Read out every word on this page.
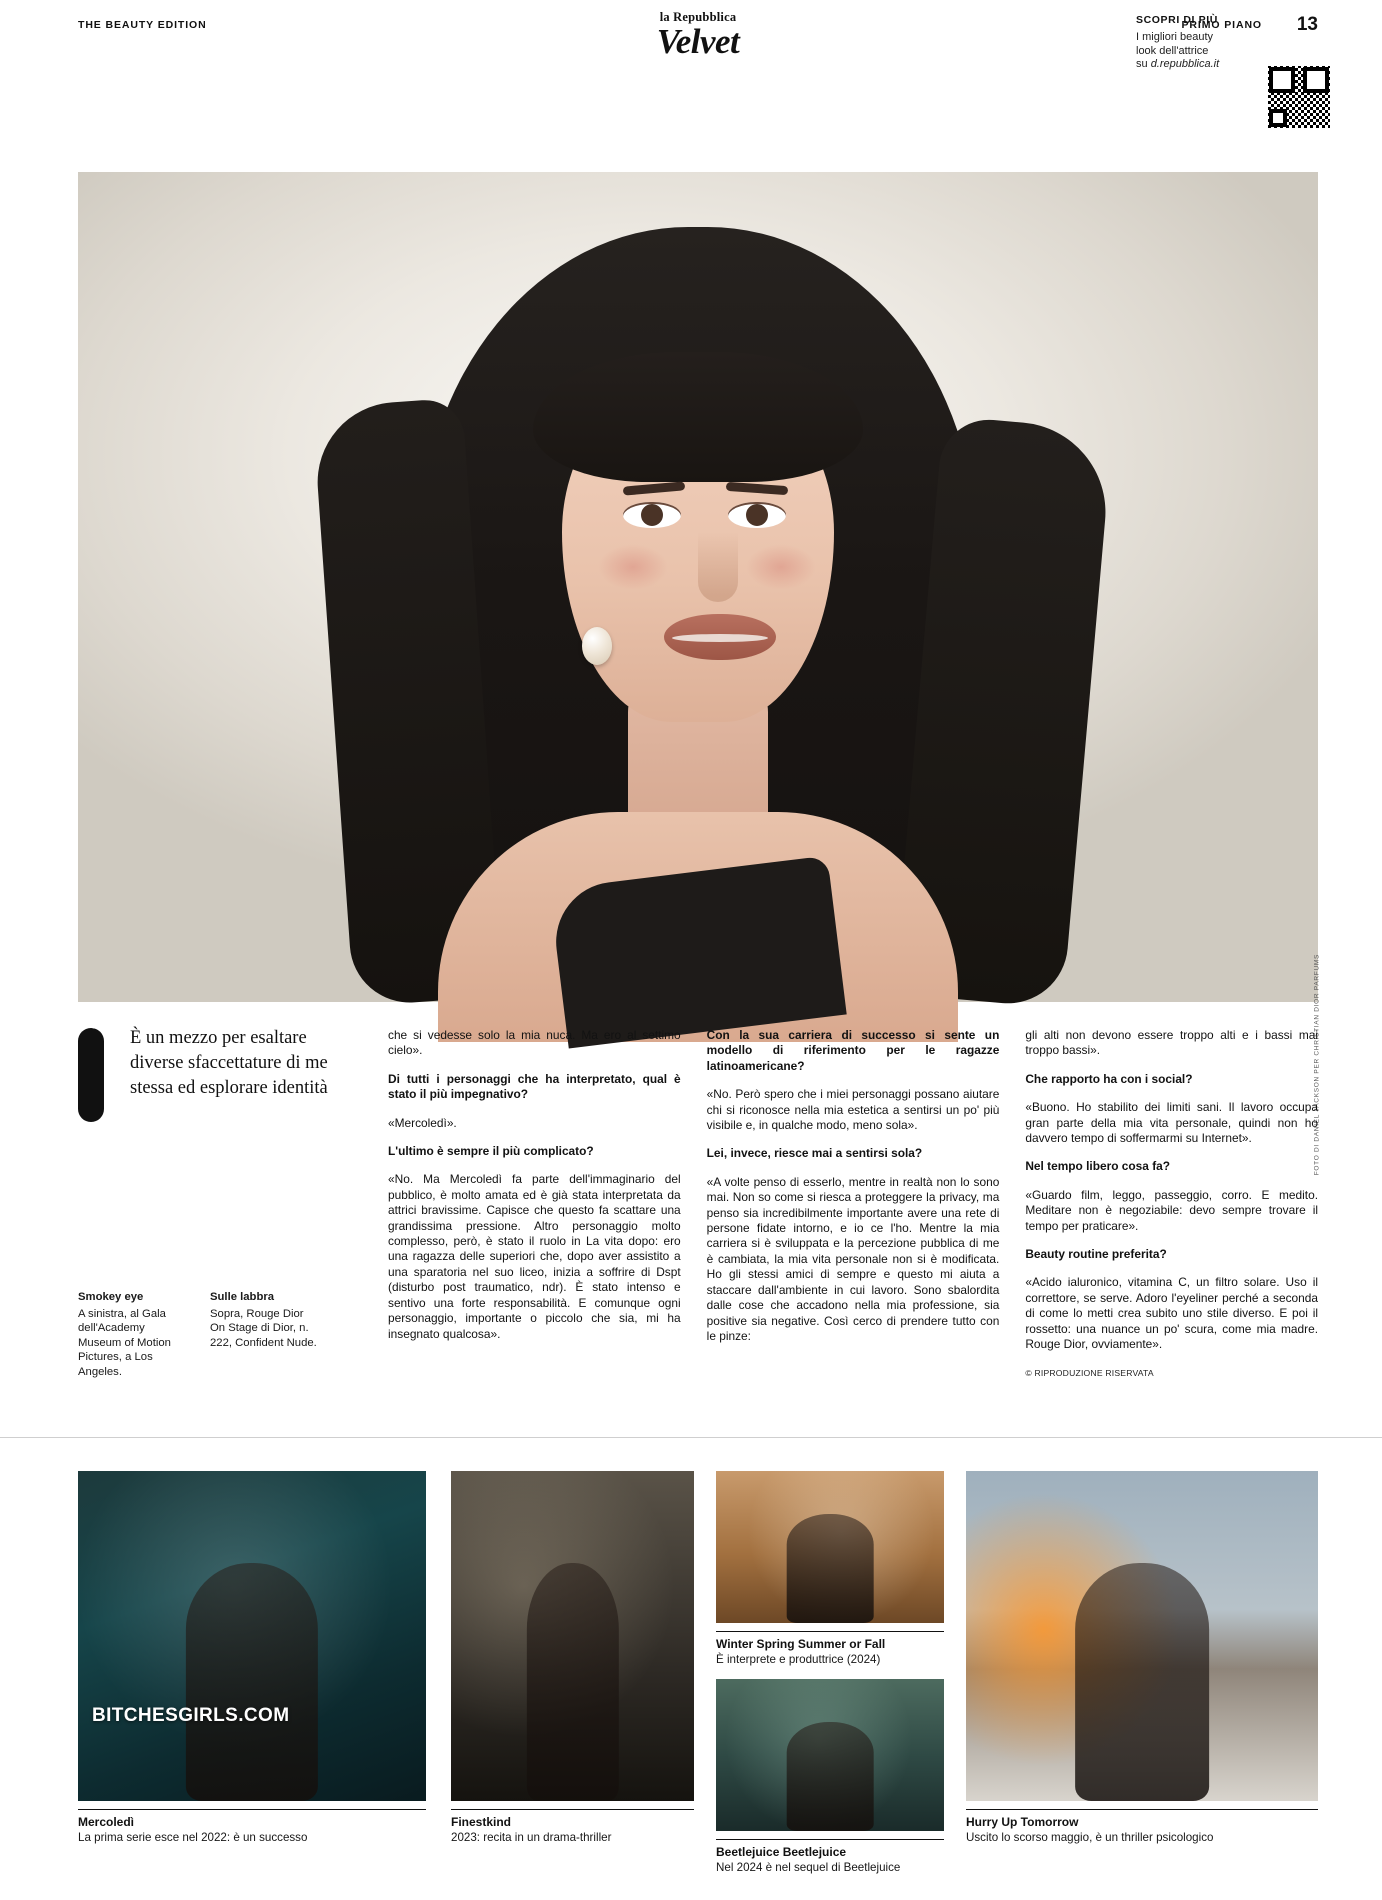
THE BEAUTY EDITION
la Repubblica
Velvet
SCOPRI DI PIÙ
I migliori beauty
look dell'attrice
su d.repubblica.it
PRIMO PIANO	13
FOTO DI DANIEL JACKSON PER CHRISTIAN DIOR PARFUMS
“
È un mezzo per esaltare diverse sfaccettature di me stessa ed esplorare identità
Smokey eye
A sinistra, al Gala dell'Academy Museum of Motion Pictures, a Los Angeles.
Sulle labbra
Sopra, Rouge Dior On Stage di Dior, n. 222, Confident Nude.

che si vedesse solo la mia nuca. Ma ero al settimo cielo».

Di tutti i personaggi che ha interpretato, qual è stato il più impegnativo?

«Mercoledì».

L'ultimo è sempre il più complicato?

«No. Ma Mercoledì fa parte dell'immaginario del pubblico, è molto amata ed è già stata interpretata da attrici bravissime. Capisce che questo fa scattare una grandissima pressione. Altro personaggio molto complesso, però, è stato il ruolo in La vita dopo: ero una ragazza delle superiori che, dopo aver assistito a una sparatoria nel suo liceo, inizia a soffrire di Dspt (disturbo post traumatico, ndr). È stato intenso e sentivo una forte responsabilità. E comunque ogni personaggio, importante o piccolo che sia, mi ha insegnato qualcosa».

Con la sua carriera di successo si sente un modello di riferimento per le ragazze latinoamericane?

«No. Però spero che i miei personaggi possano aiutare chi si riconosce nella mia estetica a sentirsi un po' più visibile e, in qualche modo, meno sola».

Lei, invece, riesce mai a sentirsi sola?

«A volte penso di esserlo, mentre in realtà non lo sono mai. Non so come si riesca a proteggere la privacy, ma penso sia incredibilmente importante avere una rete di persone fidate intorno, e io ce l'ho. Mentre la mia carriera si è sviluppata e la percezione pubblica di me è cambiata, la mia vita personale non si è modificata. Ho gli stessi amici di sempre e questo mi aiuta a staccare dall'ambiente in cui lavoro. Sono sbalordita dalle cose che accadono nella mia professione, sia positive sia negative. Così cerco di prendere tutto con le pinze:

gli alti non devono essere troppo alti e i bassi mai troppo bassi».

Che rapporto ha con i social?

«Buono. Ho stabilito dei limiti sani. Il lavoro occupa gran parte della mia vita personale, quindi non ho davvero tempo di soffermarmi su Internet».

Nel tempo libero cosa fa?

«Guardo film, leggo, passeggio, corro. E medito. Meditare non è negoziabile: devo sempre trovare il tempo per praticare».

Beauty routine preferita?

«Acido ialuronico, vitamina C, un filtro solare. Uso il correttore, se serve. Adoro l'eyeliner perché a seconda di come lo metti crea subito uno stile diverso. E poi il rossetto: una nuance un po' scura, come mia madre. Rouge Dior, ovviamente».

© RIPRODUZIONE RISERVATA
BITCHESGIRLS.COM
Mercoledì
La prima serie esce nel 2022: è un successo
Finestkind
2023: recita in un drama-thriller
Winter Spring Summer or Fall
È interprete e produttrice (2024)
Beetlejuice Beetlejuice
Nel 2024 è nel sequel di Beetlejuice
Hurry Up Tomorrow
Uscito lo scorso maggio, è un thriller psicologico
